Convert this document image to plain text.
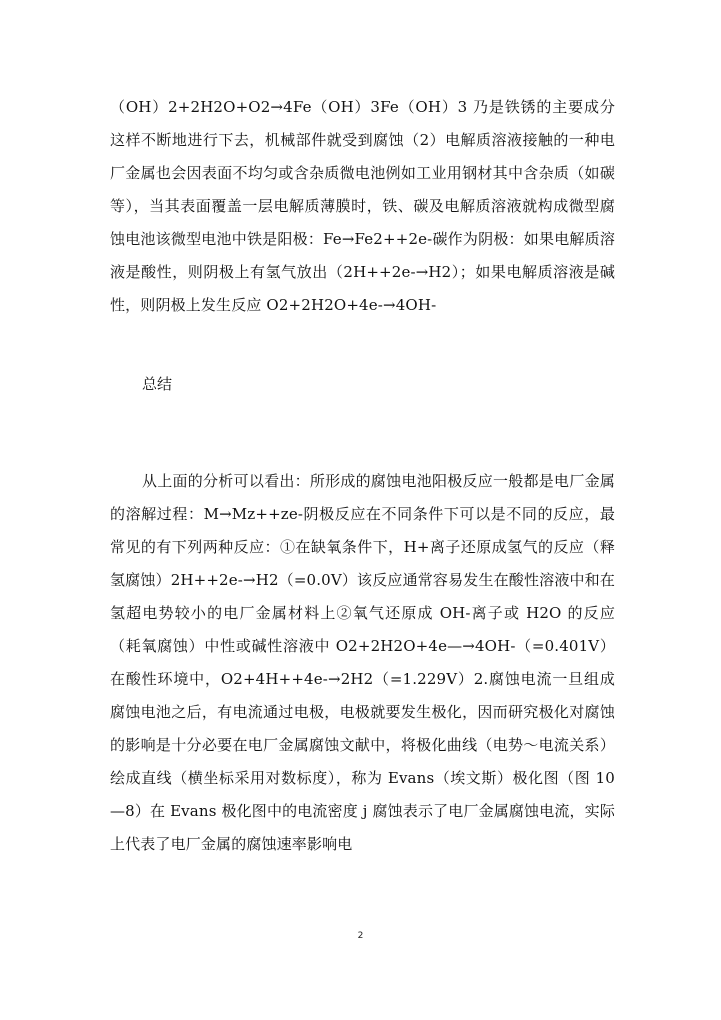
（OH）2+2H2O+O2→4Fe（OH）3Fe（OH）3 乃是铁锈的主要成分这样不断地进行下去，机械部件就受到腐蚀（2）电解质溶液接触的一种电厂金属也会因表面不均匀或含杂质微电池例如工业用钢材其中含杂质（如碳等），当其表面覆盖一层电解质薄膜时，铁、碳及电解质溶液就构成微型腐蚀电池该微型电池中铁是阳极：Fe→Fe2++2e-碳作为阴极：如果电解质溶液是酸性，则阴极上有氢气放出（2H++2e-→H2）；如果电解质溶液是碱性，则阴极上发生反应 O2+2H2O+4e-→4OH-
总结
从上面的分析可以看出：所形成的腐蚀电池阳极反应一般都是电厂金属的溶解过程：M→Mz++ze-阴极反应在不同条件下可以是不同的反应，最常见的有下列两种反应：①在缺氧条件下，H+离子还原成氢气的反应（释氢腐蚀）2H++2e-→H2（=0.0V）该反应通常容易发生在酸性溶液中和在氢超电势较小的电厂金属材料上②氧气还原成 OH-离子或 H2O 的反应（耗氧腐蚀）中性或碱性溶液中 O2+2H2O+4e—→4OH-（=0.401V）在酸性环境中，O2+4H++4e-→2H2（=1.229V）2.腐蚀电流一旦组成腐蚀电池之后，有电流通过电极，电极就要发生极化，因而研究极化对腐蚀的影响是十分必要在电厂金属腐蚀文献中，将极化曲线（电势～电流关系）绘成直线（横坐标采用对数标度），称为 Evans（埃文斯）极化图（图 10—8）在 Evans 极化图中的电流密度 j 腐蚀表示了电厂金属腐蚀电流，实际上代表了电厂金属的腐蚀速率影响电
2
